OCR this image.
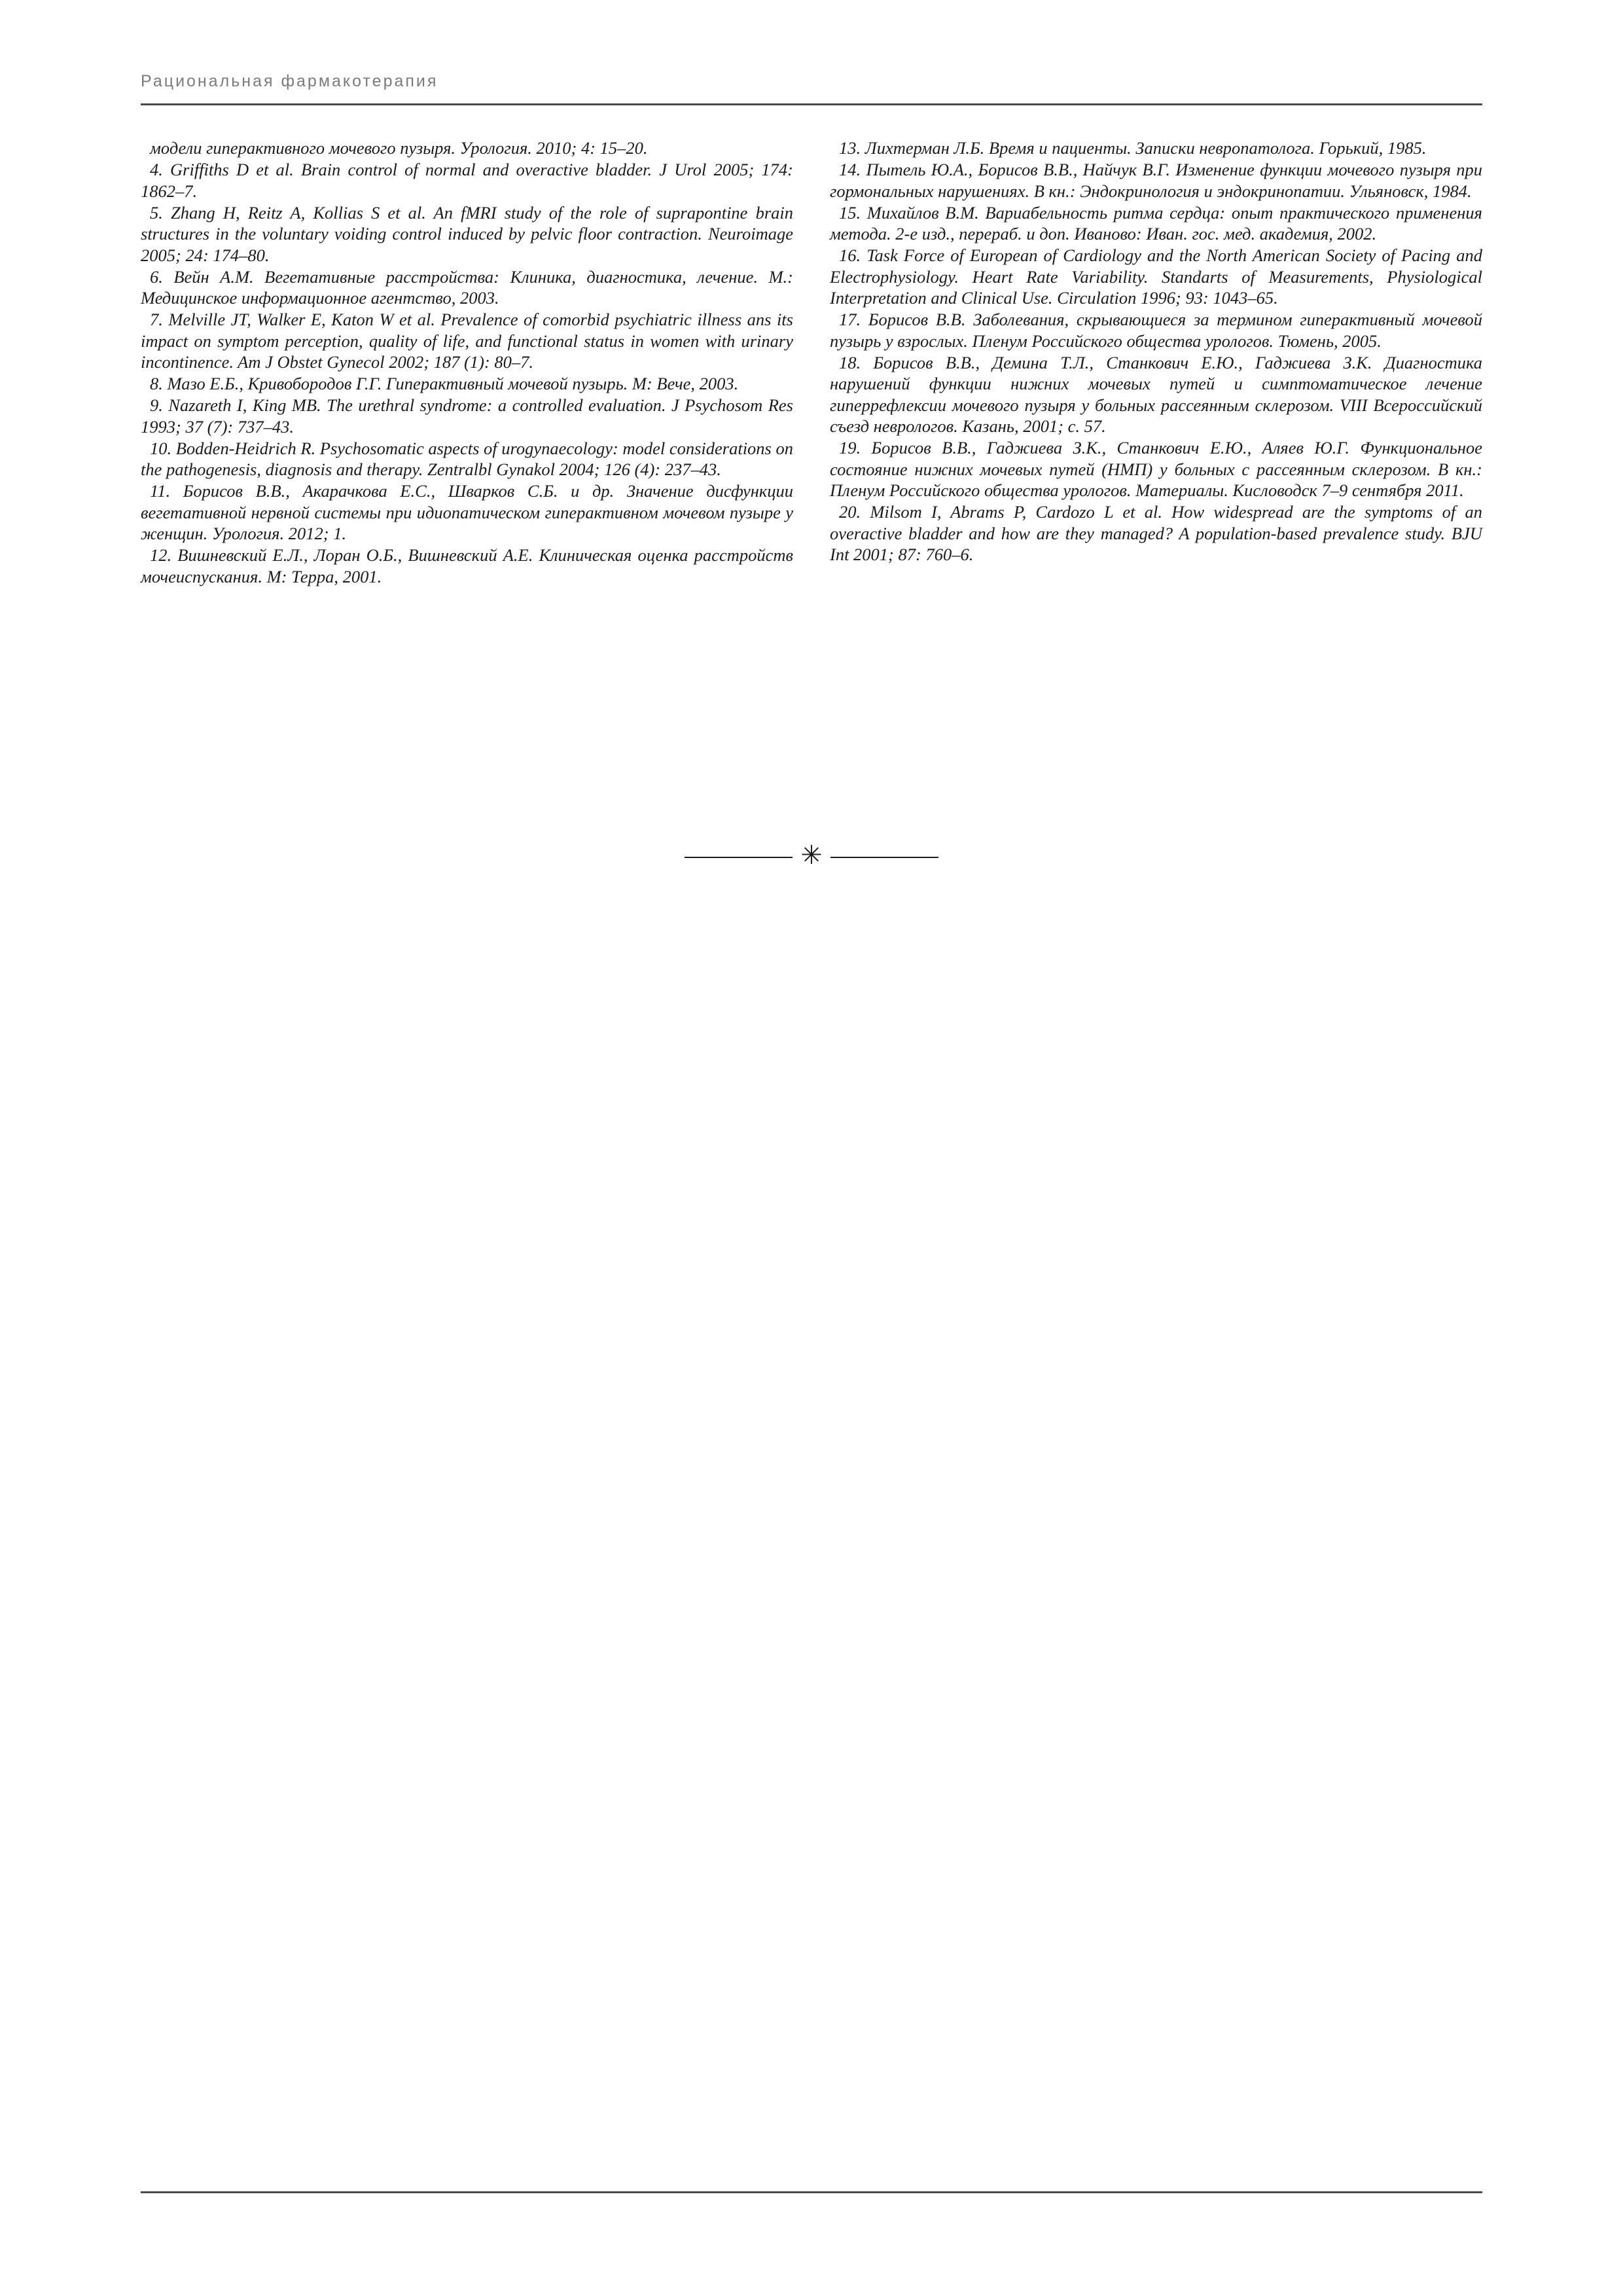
Рациональная фармакотерапия

модели гиперактивного мочевого пузыря. Урология. 2010; 4: 15–20.

4. Griffiths D et al. Brain control of normal and overactive bladder. J Urol 2005; 174: 1862–7.

5. Zhang H, Reitz A, Kollias S et al. An fMRI study of the role of suprapontine brain structures in the voluntary voiding control induced by pelvic floor contraction. Neuroimage 2005; 24: 174–80.

6. Вейн А.М. Вегетативные расстройства: Клиника, диагностика, лечение. М.: Медицинское информационное агентство, 2003.

7. Melville JT, Walker E, Katon W et al. Prevalence of comorbid psychiatric illness ans its impact on symptom perception, quality of life, and functional status in women with urinary incontinence. Am J Obstet Gynecol 2002; 187 (1): 80–7.

8. Мазо Е.Б., Кривобородов Г.Г. Гиперактивный мочевой пузырь. М: Вече, 2003.

9. Nazareth I, King MB. The urethral syndrome: a controlled evaluation. J Psychosom Res 1993; 37 (7): 737–43.

10. Bodden-Heidrich R. Psychosomatic aspects of urogynaecology: model considerations on the pathogenesis, diagnosis and therapy. Zentralbl Gynakol 2004; 126 (4): 237–43.

11. Борисов В.В., Акарачкова Е.С., Шварков С.Б. и др. Значение дисфункции вегетативной нервной системы при идиопатическом гиперактивном мочевом пузыре у женщин. Урология. 2012; 1.

12. Вишневский Е.Л., Лоран О.Б., Вишневский А.Е. Клиническая оценка расстройств мочеиспускания. М: Терра, 2001.

13. Лихтерман Л.Б. Время и пациенты. Записки невропатолога. Горький, 1985.

14. Пытель Ю.А., Борисов В.В., Найчук В.Г. Изменение функции мочевого пузыря при гормональных нарушениях. В кн.: Эндокринология и эндокринопатии. Ульяновск, 1984.

15. Михайлов В.М. Вариабельность ритма сердца: опыт практического применения метода. 2-е изд., перераб. и доп. Иваново: Иван. гос. мед. академия, 2002.

16. Task Force of European of Cardiology and the North American Society of Pacing and Electrophysiology. Heart Rate Variability. Standarts of Measurements, Physiological Interpretation and Clinical Use. Circulation 1996; 93: 1043–65.

17. Борисов В.В. Заболевания, скрывающиеся за термином гиперактивный мочевой пузырь у взрослых. Пленум Российского общества урологов. Тюмень, 2005.

18. Борисов В.В., Демина Т.Л., Станкович Е.Ю., Гаджиева З.К. Диагностика нарушений функции нижних мочевых путей и симптоматическое лечение гиперрефлексии мочевого пузыря у больных рассеянным склерозом. VIII Всероссийский съезд неврологов. Казань, 2001; с. 57.

19. Борисов В.В., Гаджиева З.К., Станкович Е.Ю., Аляев Ю.Г. Функциональное состояние нижних мочевых путей (НМП) у больных с рассеянным склерозом. В кн.: Пленум Российского общества урологов. Материалы. Кисловодск 7–9 сентября 2011.

20. Milsom I, Abrams P, Cardozo L et al. How widespread are the symptoms of an overactive bladder and how are they managed? A population-based prevalence study. BJU Int 2001; 87: 760–6.

✳
